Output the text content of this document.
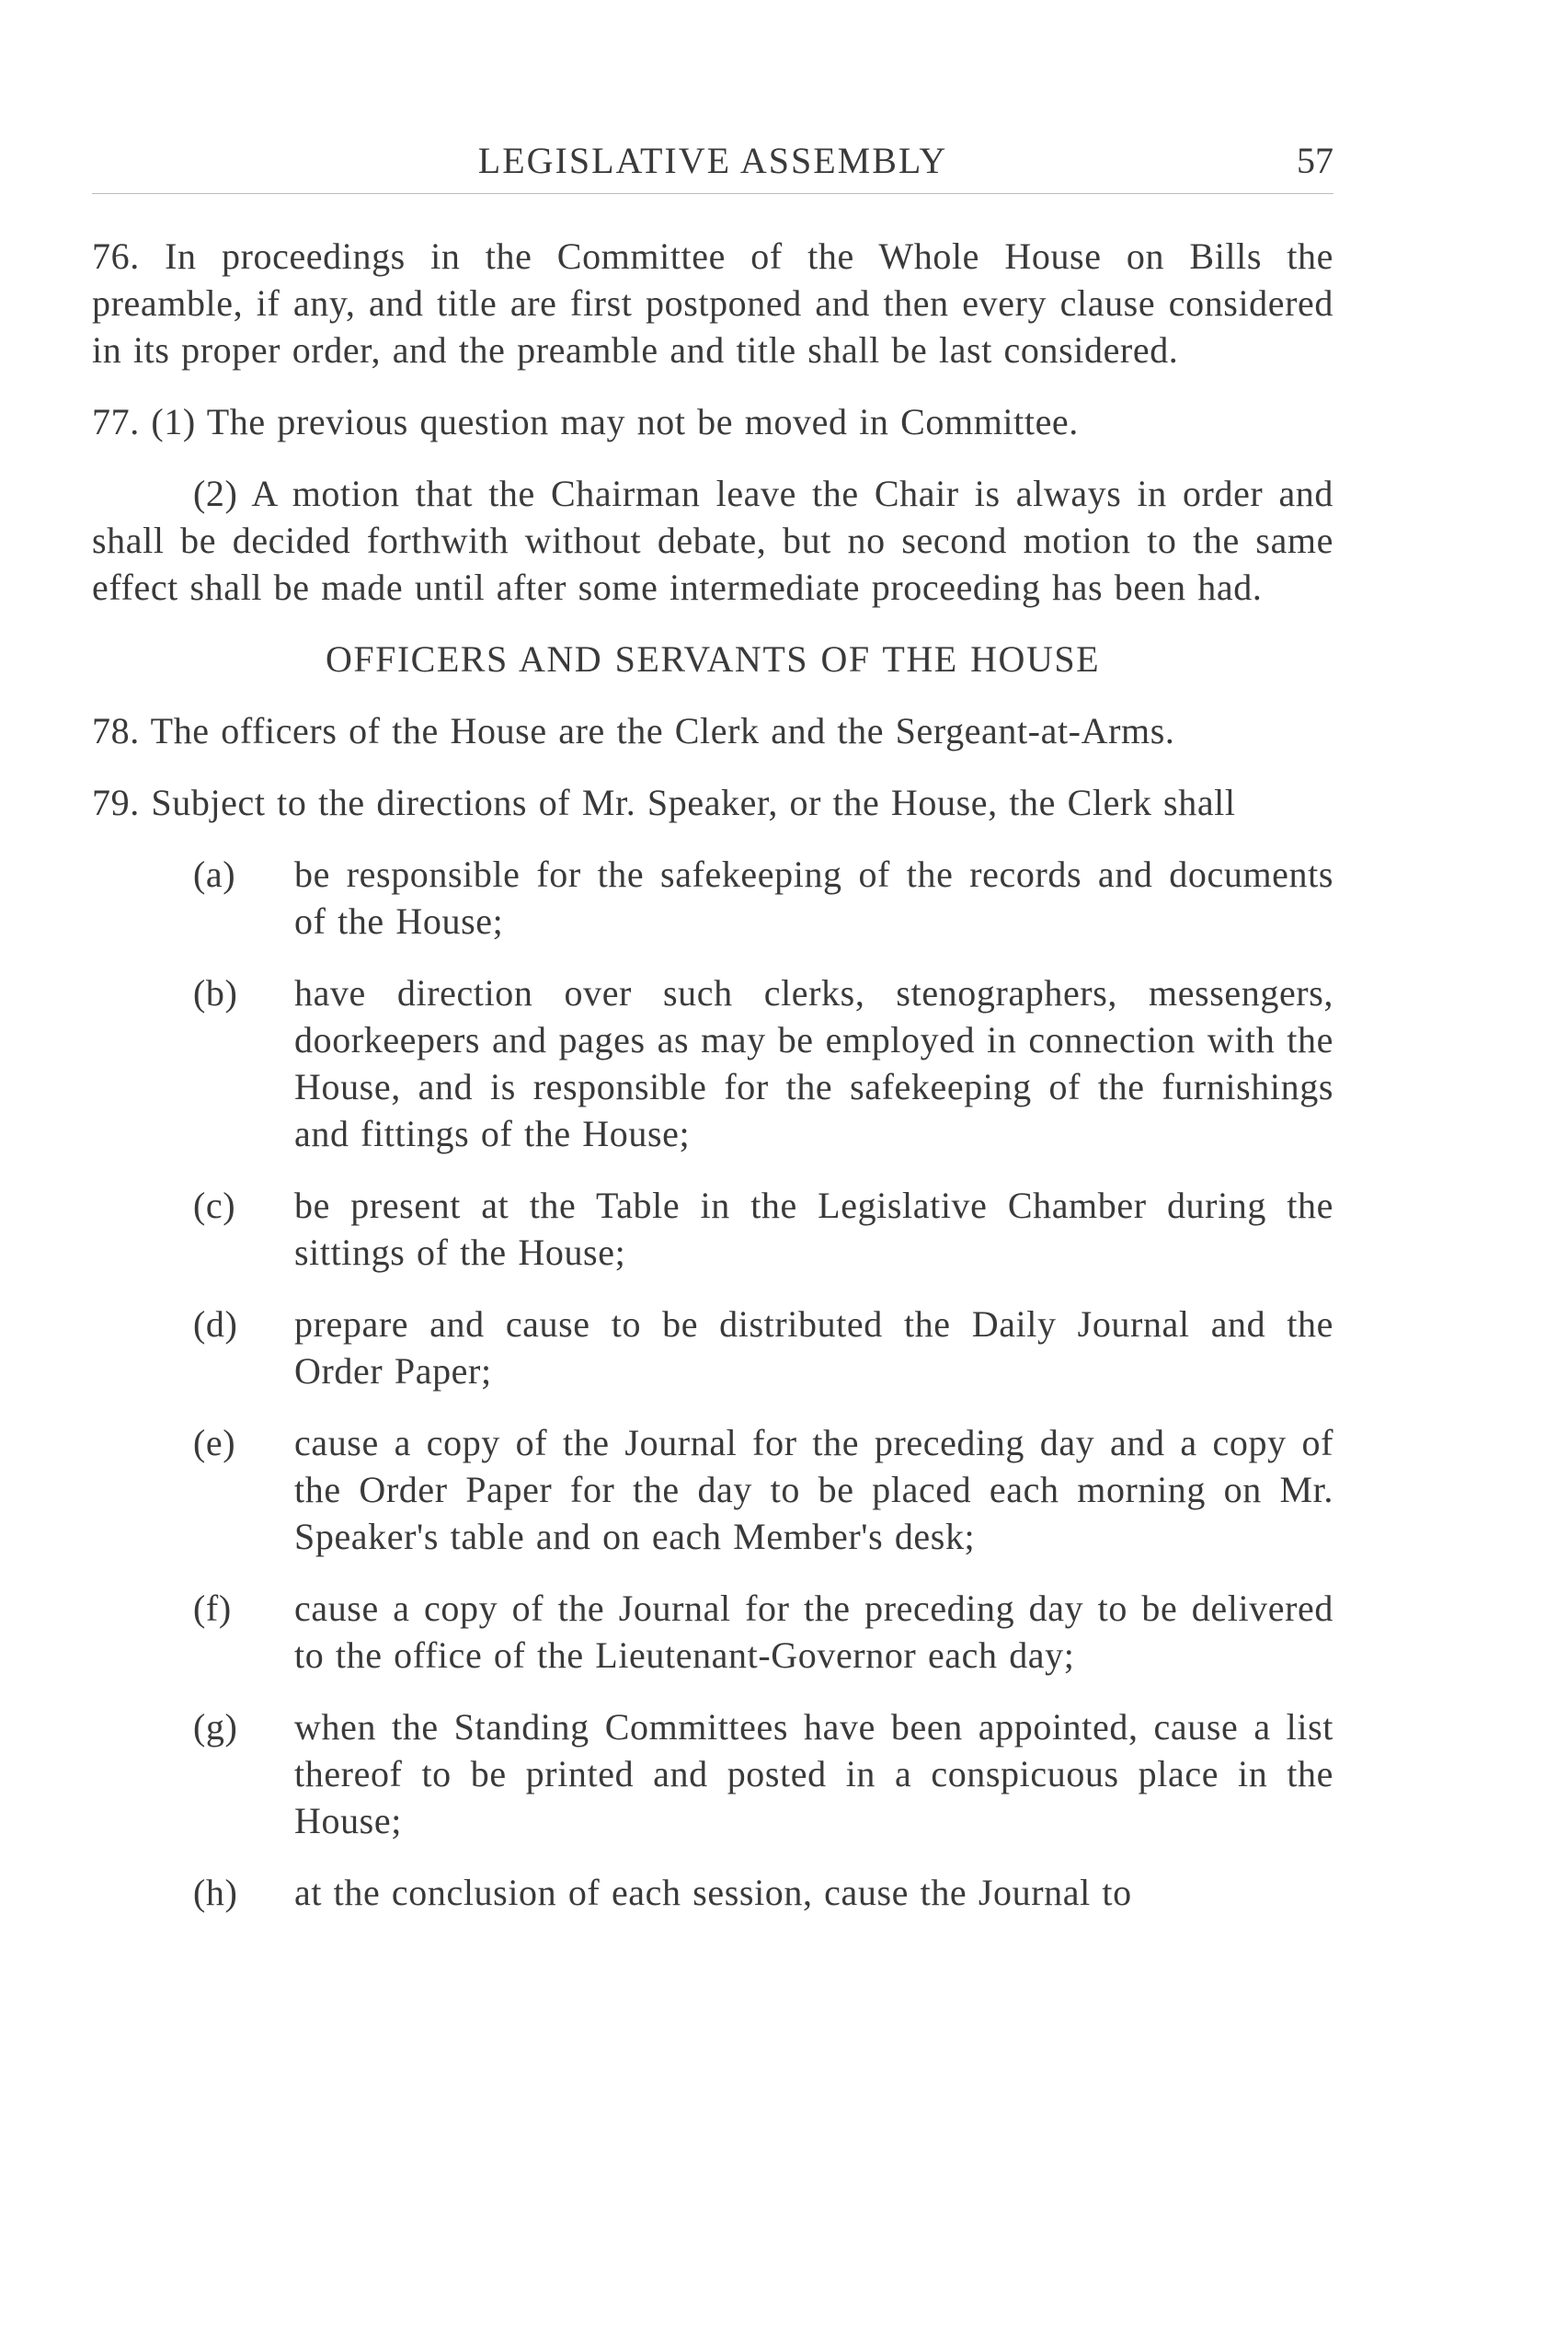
LEGISLATIVE ASSEMBLY	57

76. In proceedings in the Committee of the Whole House on Bills the preamble, if any, and title are first postponed and then every clause considered in its proper order, and the preamble and title shall be last considered.

77. (1) The previous question may not be moved in Committee.

(2) A motion that the Chairman leave the Chair is always in order and shall be decided forthwith without debate, but no second motion to the same effect shall be made until after some intermediate proceeding has been had.

OFFICERS AND SERVANTS OF THE HOUSE

78. The officers of the House are the Clerk and the Sergeant-at-Arms.

79. Subject to the directions of Mr. Speaker, or the House, the Clerk shall

(a) be responsible for the safekeeping of the records and documents of the House;
(b) have direction over such clerks, stenographers, messengers, doorkeepers and pages as may be employed in connection with the House, and is responsible for the safekeeping of the furnishings and fittings of the House;
(c) be present at the Table in the Legislative Chamber during the sittings of the House;
(d) prepare and cause to be distributed the Daily Journal and the Order Paper;
(e) cause a copy of the Journal for the preceding day and a copy of the Order Paper for the day to be placed each morning on Mr. Speaker's table and on each Member's desk;
(f) cause a copy of the Journal for the preceding day to be delivered to the office of the Lieutenant-Governor each day;
(g) when the Standing Committees have been appointed, cause a list thereof to be printed and posted in a conspicuous place in the House;
(h) at the conclusion of each session, cause the Journal to
